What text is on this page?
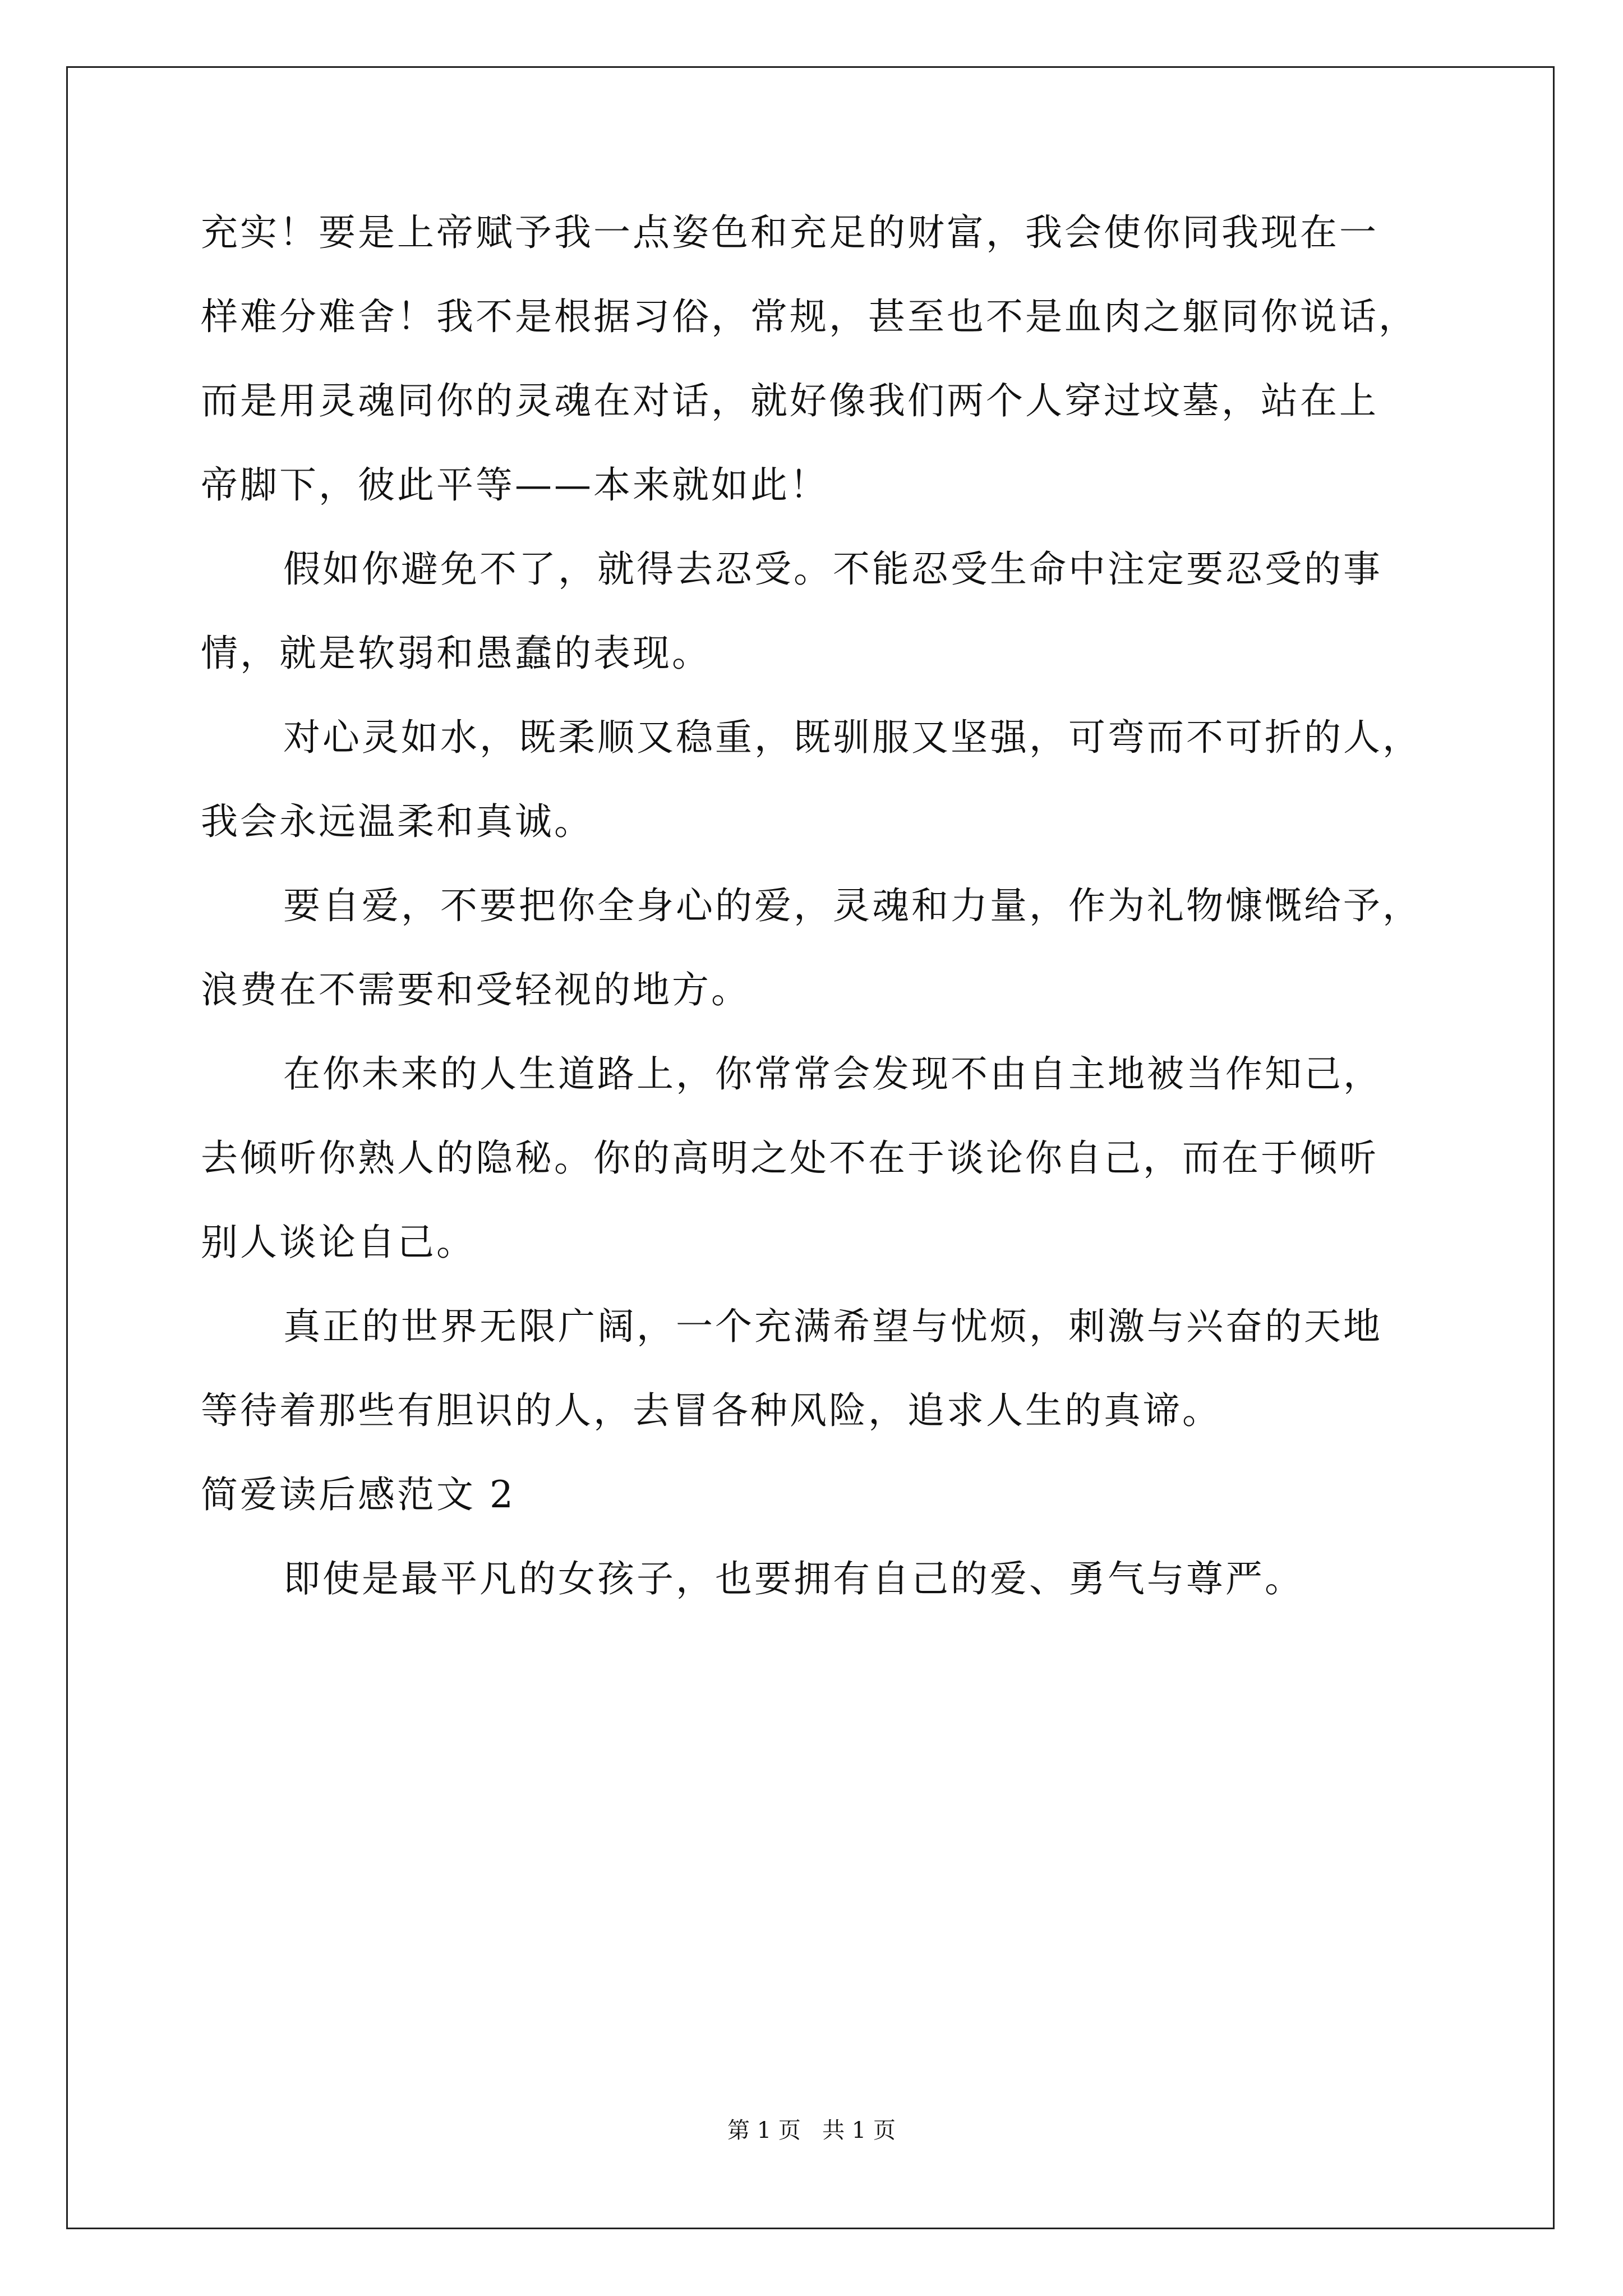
充实！要是上帝赋予我一点姿色和充足的财富，我会使你同我现在一
样难分难舍！我不是根据习俗，常规，甚至也不是血肉之躯同你说话，
而是用灵魂同你的灵魂在对话，就好像我们两个人穿过坟墓，站在上
帝脚下，彼此平等——本来就如此！
假如你避免不了，就得去忍受。不能忍受生命中注定要忍受的事
情，就是软弱和愚蠢的表现。
对心灵如水，既柔顺又稳重，既驯服又坚强，可弯而不可折的人，
我会永远温柔和真诚。
要自爱，不要把你全身心的爱，灵魂和力量，作为礼物慷慨给予，
浪费在不需要和受轻视的地方。
在你未来的人生道路上，你常常会发现不由自主地被当作知己，
去倾听你熟人的隐秘。你的高明之处不在于谈论你自己，而在于倾听
别人谈论自己。
真正的世界无限广阔，一个充满希望与忧烦，刺激与兴奋的天地
等待着那些有胆识的人，去冒各种风险，追求人生的真谛。
简爱读后感范文 2
即使是最平凡的女孩子，也要拥有自己的爱、勇气与尊严。
第 1 页   共 1 页
